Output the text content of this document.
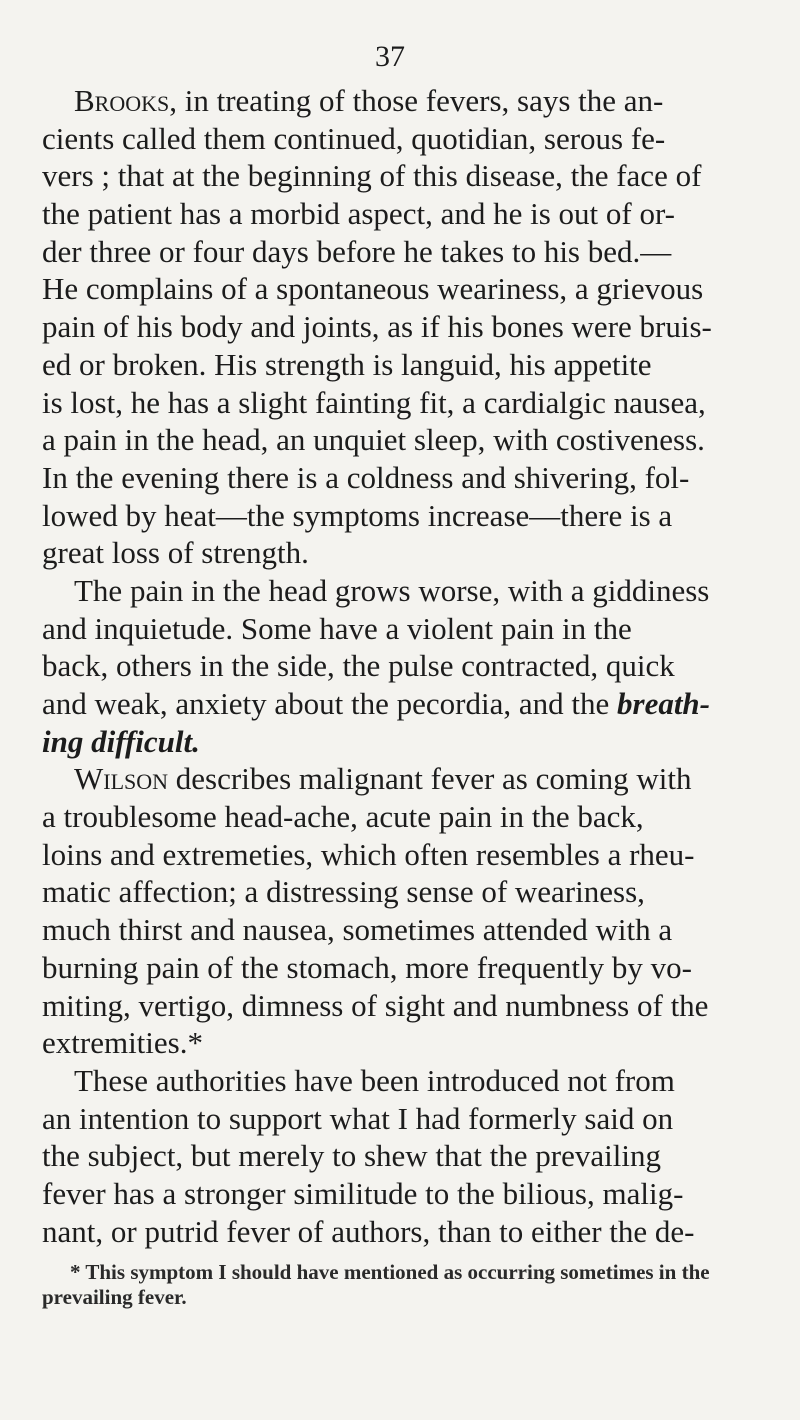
37
Brooks, in treating of those fevers, says the an-
cients called them continued, quotidian, serous fe-
vers ; that at the beginning of this disease, the face of
the patient has a morbid aspect, and he is out of or-
der three or four days before he takes to his bed.—
He complains of a spontaneous weariness, a grievous
pain of his body and joints, as if his bones were bruis-
ed or broken. His strength is languid, his appetite
is lost, he has a slight fainting fit, a cardialgic nausea,
a pain in the head, an unquiet sleep, with costiveness.
In the evening there is a coldness and shivering, fol-
lowed by heat—the symptoms increase—there is a
great loss of strength.
The pain in the head grows worse, with a giddiness
and inquietude. Some have a violent pain in the
back, others in the side, the pulse contracted, quick
and weak, anxiety about the pecordia, and the breath-
ing difficult.
Wilson describes malignant fever as coming with
a troublesome head-ache, acute pain in the back,
loins and extremeties, which often resembles a rheu-
matic affection; a distressing sense of weariness,
much thirst and nausea, sometimes attended with a
burning pain of the stomach, more frequently by vo-
miting, vertigo, dimness of sight and numbness of the
extremities.*
These authorities have been introduced not from
an intention to support what I had formerly said on
the subject, but merely to shew that the prevailing
fever has a stronger similitude to the bilious, malig-
nant, or putrid fever of authors, than to either the de-
* This symptom I should have mentioned as occurring sometimes in the
prevailing fever.
